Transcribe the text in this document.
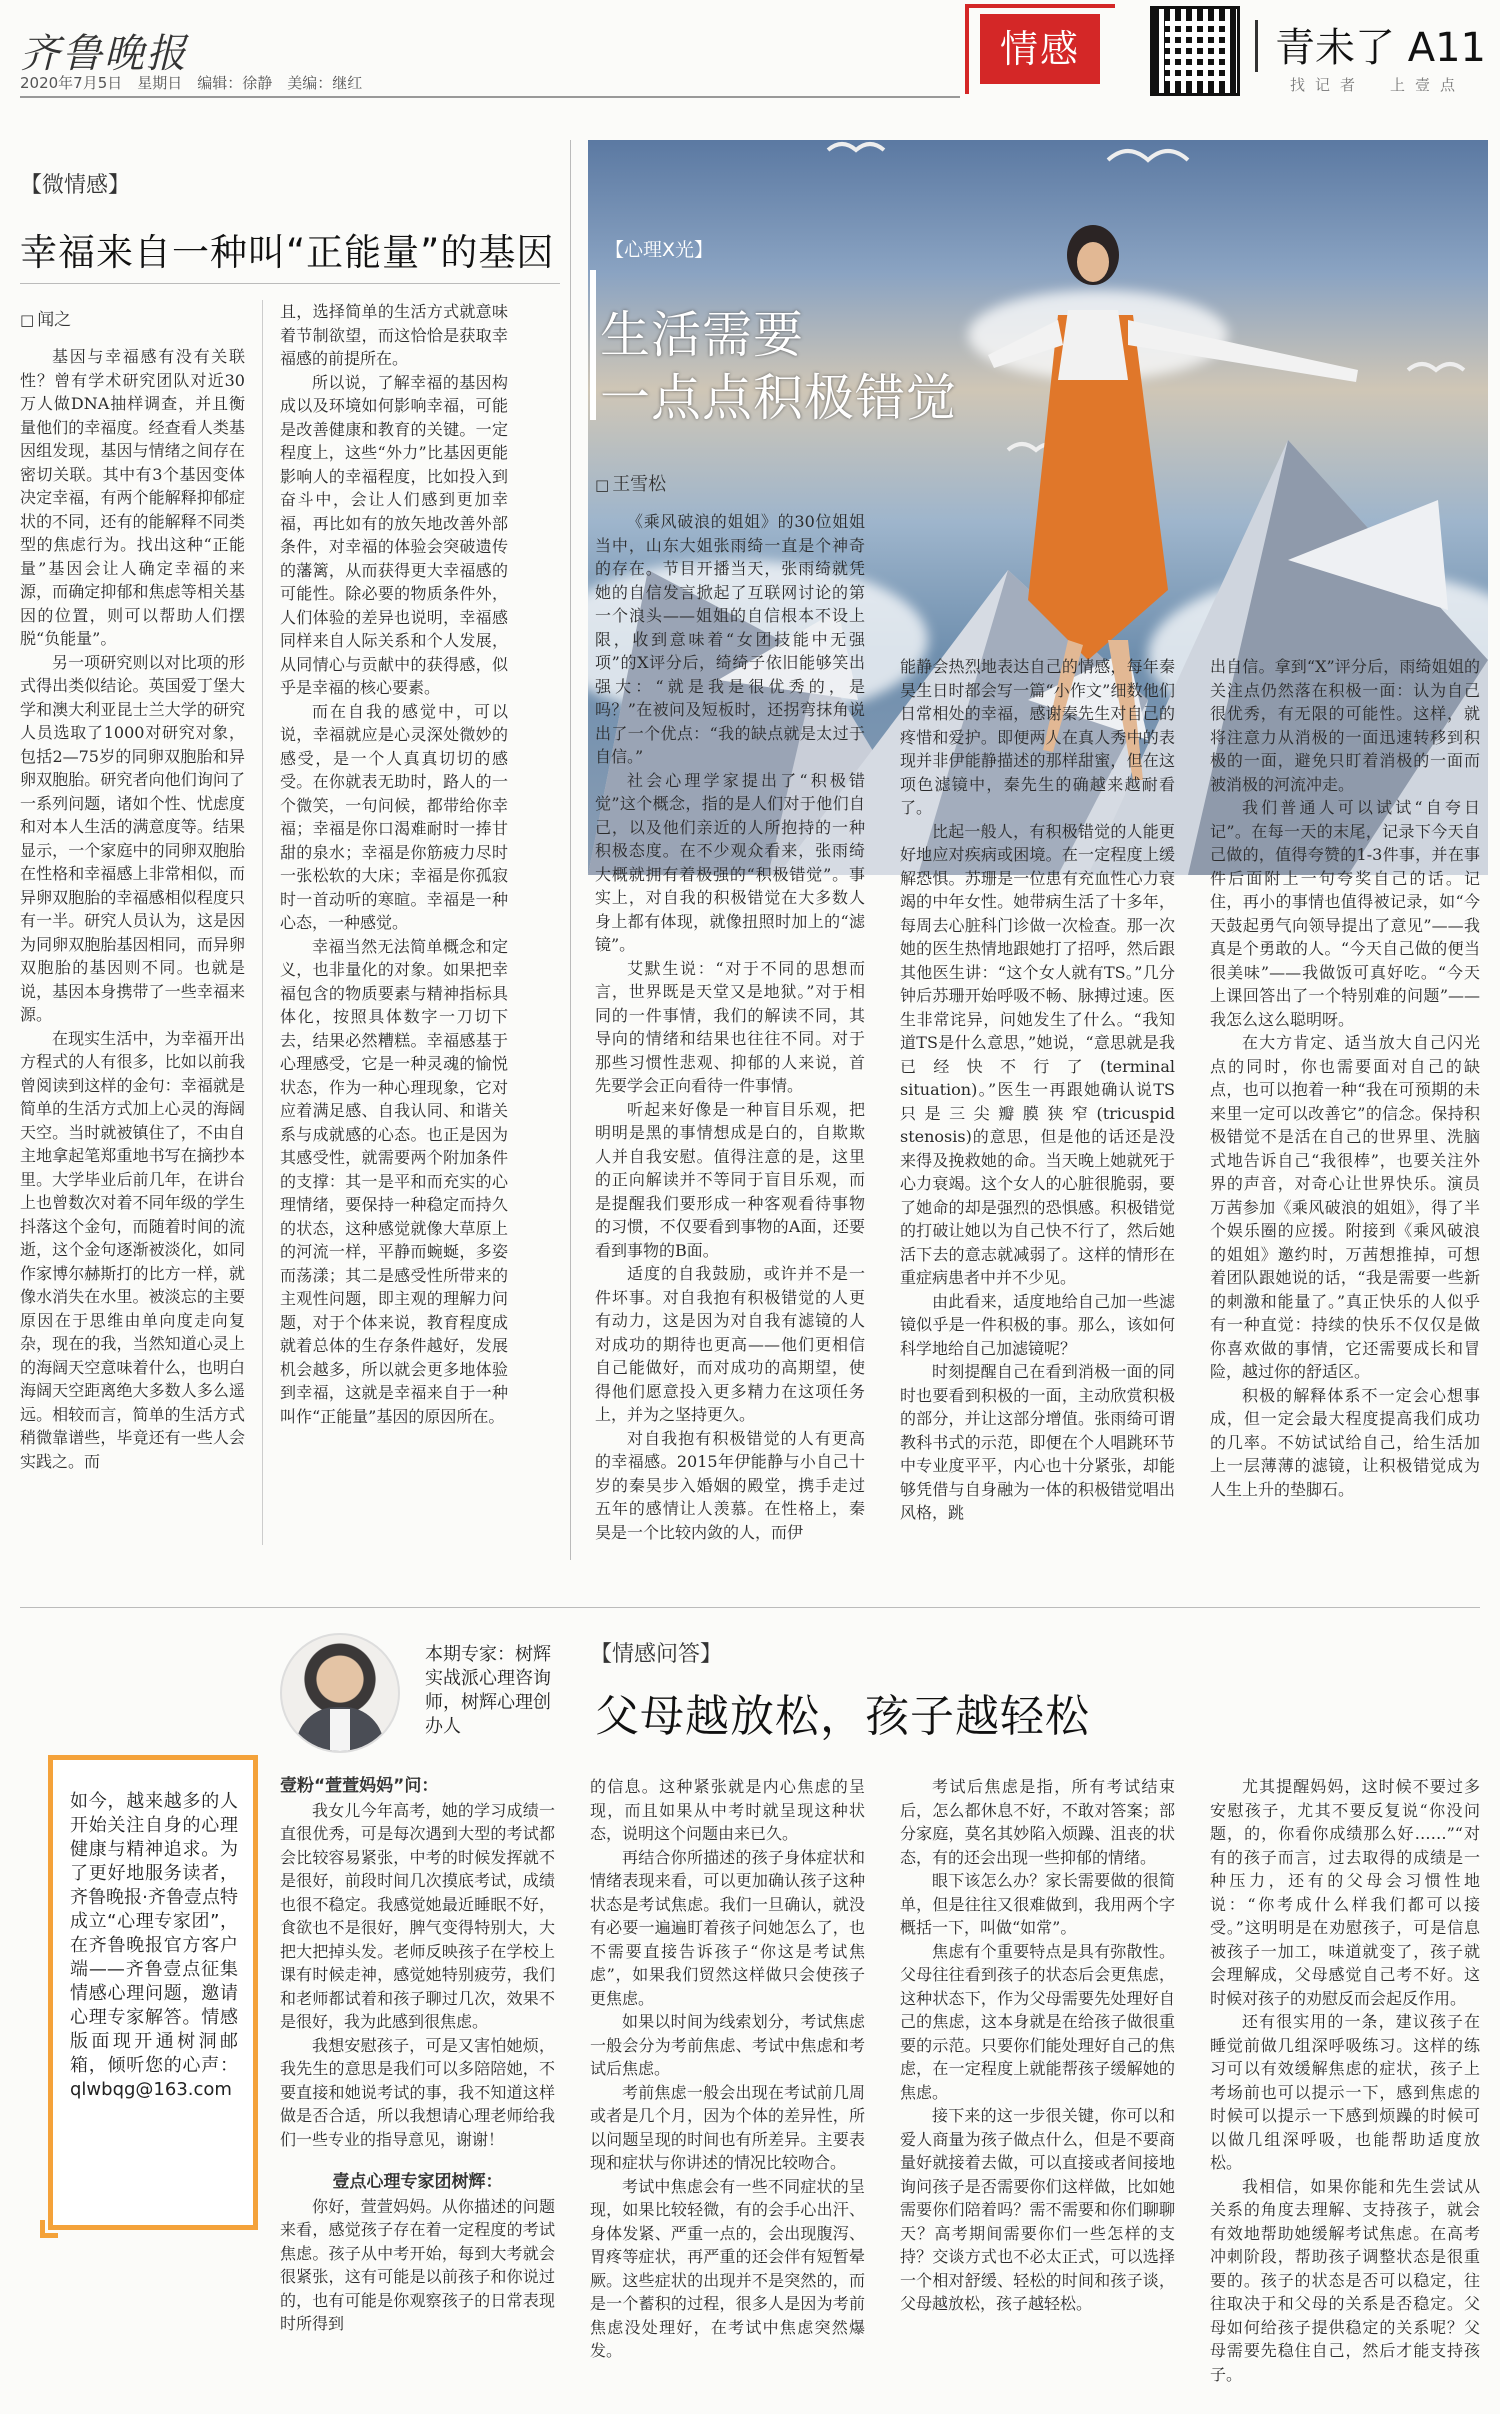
齐鲁晚报
2020年7月5日　星期日　编辑：徐静　美编：继红
情感	青未了 A11
找记者　上壹点
【微情感】
幸福来自一种叫“正能量”的基因
□ 闻之

基因与幸福感有没有关联性？曾有学术研究团队对近30万人做DNA抽样调查，并且衡量他们的幸福度。经查看人类基因组发现，基因与情绪之间存在密切关联。其中有3个基因变体决定幸福，有两个能解释抑郁症状的不同，还有的能解释不同类型的焦虑行为。找出这种“正能量”基因会让人确定幸福的来源，而确定抑郁和焦虑等相关基因的位置，则可以帮助人们摆脱“负能量”。

另一项研究则以对比项的形式得出类似结论。英国爱丁堡大学和澳大利亚昆士兰大学的研究人员选取了1000对研究对象，包括2—75岁的同卵双胞胎和异卵双胞胎。研究者向他们询问了一系列问题，诸如个性、忧虑度和对本人生活的满意度等。结果显示，一个家庭中的同卵双胞胎在性格和幸福感上非常相似，而异卵双胞胎的幸福感相似程度只有一半。研究人员认为，这是因为同卵双胞胎基因相同，而异卵双胞胎的基因则不同。也就是说，基因本身携带了一些幸福来源。

在现实生活中，为幸福开出方程式的人有很多，比如以前我曾阅读到这样的金句：幸福就是简单的生活方式加上心灵的海阔天空。当时就被镇住了，不由自主地拿起笔郑重地书写在摘抄本里。大学毕业后前几年，在讲台上也曾数次对着不同年级的学生抖落这个金句，而随着时间的流逝，这个金句逐渐被淡化，如同作家博尔赫斯打的比方一样，就像水消失在水里。被淡忘的主要原因在于思维由单向度走向复杂，现在的我，当然知道心灵上的海阔天空意味着什么，也明白海阔天空距离绝大多数人多么遥远。相较而言，简单的生活方式稍微靠谱些，毕竟还有一些人会实践之。而

且，选择简单的生活方式就意味着节制欲望，而这恰恰是获取幸福感的前提所在。

所以说，了解幸福的基因构成以及环境如何影响幸福，可能是改善健康和教育的关键。一定程度上，这些“外力”比基因更能影响人的幸福程度，比如投入到奋斗中，会让人们感到更加幸福，再比如有的放矢地改善外部条件，对幸福的体验会突破遗传的藩篱，从而获得更大幸福感的可能性。除必要的物质条件外，人们体验的差异也说明，幸福感同样来自人际关系和个人发展，从同情心与贡献中的获得感，似乎是幸福的核心要素。

而在自我的感觉中，可以说，幸福就应是心灵深处微妙的感受，是一个人真真切切的感受。在你就表无助时，路人的一个微笑，一句问候，都带给你幸福；幸福是你口渴难耐时一捧甘甜的泉水；幸福是你筋疲力尽时一张松软的大床；幸福是你孤寂时一首动听的寒暄。幸福是一种心态，一种感觉。

幸福当然无法简单概念和定义，也非量化的对象。如果把幸福包含的物质要素与精神指标具体化，按照具体数字一刀切下去，结果必然糟糕。幸福感基于心理感受，它是一种灵魂的愉悦状态，作为一种心理现象，它对应着满足感、自我认同、和谐关系与成就感的心态。也正是因为其感受性，就需要两个附加条件的支撑：其一是平和而充实的心理情绪，要保持一种稳定而持久的状态，这种感觉就像大草原上的河流一样，平静而蜿蜒，多姿而荡漾；其二是感受性所带来的主观性问题，即主观的理解力问题，对于个体来说，教育程度成就着总体的生存条件越好，发展机会越多，所以就会更多地体验到幸福，这就是幸福来自于一种叫作“正能量”基因的原因所在。

【心理X光】
生活需要
一点点积极错觉
□ 王雪松

《乘风破浪的姐姐》的30位姐姐当中，山东大姐张雨绮一直是个神奇的存在。节目开播当天，张雨绮就凭她的自信发言掀起了互联网讨论的第一个浪头——姐姐的自信根本不设上限，收到意味着“女团技能中无强项”的X评分后，绮绮子依旧能够笑出强大：“就是我是很优秀的，是吗？”在被问及短板时，还拐弯抹角说出了一个优点：“我的缺点就是太过于自信。”

社会心理学家提出了“积极错觉”这个概念，指的是人们对于他们自己，以及他们亲近的人所抱持的一种积极态度。在不少观众看来，张雨绮大概就拥有着极强的“积极错觉”。事实上，对自我的积极错觉在大多数人身上都有体现，就像扭照时加上的“滤镜”。

艾默生说：“对于不同的思想而言，世界既是天堂又是地狱。”对于相同的一件事情，我们的解读不同，其导向的情绪和结果也往往不同。对于那些习惯性悲观、抑郁的人来说，首先要学会正向看待一件事情。

听起来好像是一种盲目乐观，把明明是黑的事情想成是白的，自欺欺人并自我安慰。值得注意的是，这里的正向解读并不等同于盲目乐观，而是提醒我们要形成一种客观看待事物的习惯，不仅要看到事物的A面，还要看到事物的B面。

适度的自我鼓励，或许并不是一件坏事。对自我抱有积极错觉的人更有动力，这是因为对自我有滤镜的人对成功的期待也更高——他们更相信自己能做好，而对成功的高期望，使得他们愿意投入更多精力在这项任务上，并为之坚持更久。

对自我抱有积极错觉的人有更高的幸福感。2015年伊能静与小自己十岁的秦昊步入婚姻的殿堂，携手走过五年的感情让人羡慕。在性格上，秦昊是一个比较内敛的人，而伊

能静会热烈地表达自己的情感，每年秦昊生日时都会写一篇“小作文”细数他们日常相处的幸福，感谢秦先生对自己的疼惜和爱护。即便两人在真人秀中的表现并非伊能静描述的那样甜蜜，但在这项色滤镜中，秦先生的确越来越耐看了。

比起一般人，有积极错觉的人能更好地应对疾病或困境。在一定程度上缓解恐惧。苏珊是一位患有充血性心力衰竭的中年女性。她带病生活了十多年，每周去心脏科门诊做一次检查。那一次她的医生热情地跟她打了招呼，然后跟其他医生讲：“这个女人就有TS。”几分钟后苏珊开始呼吸不畅、脉搏过速。医生非常诧异，问她发生了什么。“我知道TS是什么意思，”她说，“意思就是我已经快不行了(terminal situation)。”医生一再跟她确认说TS只是三尖瓣膜狭窄(tricuspid stenosis)的意思，但是他的话还是没来得及挽救她的命。当天晚上她就死于心力衰竭。这个女人的心脏很脆弱，要了她命的却是强烈的恐惧感。积极错觉的打破让她以为自己快不行了，然后她活下去的意志就减弱了。这样的情形在重症病患者中并不少见。

由此看来，适度地给自己加一些滤镜似乎是一件积极的事。那么，该如何科学地给自己加滤镜呢？

时刻提醒自己在看到消极一面的同时也要看到积极的一面，主动欣赏积极的部分，并让这部分增值。张雨绮可谓教科书式的示范，即便在个人唱跳环节中专业度平平，内心也十分紧张，却能够凭借与自身融为一体的积极错觉唱出风格，跳

出自信。拿到“X”评分后，雨绮姐姐的关注点仍然落在积极一面：认为自己很优秀，有无限的可能性。这样，就将注意力从消极的一面迅速转移到积极的一面，避免只盯着消极的一面而被消极的河流冲走。

我们普通人可以试试“自夸日记”。在每一天的末尾，记录下今天自己做的，值得夸赞的1-3件事，并在事件后面附上一句夸奖自己的话。记住，再小的事情也值得被记录，如“今天鼓起勇气向领导提出了意见”——我真是个勇敢的人。“今天自己做的便当很美味”——我做饭可真好吃。“今天上课回答出了一个特别难的问题”——我怎么这么聪明呀。

在大方肯定、适当放大自己闪光点的同时，你也需要面对自己的缺点，也可以抱着一种“我在可预期的未来里一定可以改善它”的信念。保持积极错觉不是活在自己的世界里、洗脑式地告诉自己“我很棒”，也要关注外界的声音，对奇心让世界快乐。演员万茜参加《乘风破浪的姐姐》，得了半个娱乐圈的应援。附接到《乘风破浪的姐姐》邀约时，万茜想推掉，可想着团队跟她说的话，“我是需要一些新的刺激和能量了。”真正快乐的人似乎有一种直觉：持续的快乐不仅仅是做你喜欢做的事情，它还需要成长和冒险，越过你的舒适区。

积极的解释体系不一定会心想事成，但一定会最大程度提高我们成功的几率。不妨试试给自己，给生活加上一层薄薄的滤镜，让积极错觉成为人生上升的垫脚石。

本期专家：树辉实战派心理咨询师，树辉心理创办人
如今，越来越多的人开始关注自身的心理健康与精神追求。为了更好地服务读者，齐鲁晚报·齐鲁壹点特成立“心理专家团”，在齐鲁晚报官方客户端——齐鲁壹点征集情感心理问题，邀请心理专家解答。情感版面现开通树洞邮箱，倾听您的心声：qlwbqg@163.com
【情感问答】
父母越放松，孩子越轻松
壹粉“萱萱妈妈”问：

我女儿今年高考，她的学习成绩一直很优秀，可是每次遇到大型的考试都会比较容易紧张，中考的时候发挥就不是很好，前段时间几次摸底考试，成绩也很不稳定。我感觉她最近睡眠不好，食欲也不是很好，脾气变得特别大，大把大把掉头发。老师反映孩子在学校上课有时候走神，感觉她特别疲劳，我们和老师都试着和孩子聊过几次，效果不是很好，我为此感到很焦虑。

我想安慰孩子，可是又害怕她烦，我先生的意思是我们可以多陪陪她，不要直接和她说考试的事，我不知道这样做是否合适，所以我想请心理老师给我们一些专业的指导意见，谢谢！

壹点心理专家团树辉：

你好，萱萱妈妈。从你描述的问题来看，感觉孩子存在着一定程度的考试焦虑。孩子从中考开始，每到大考就会很紧张，这有可能是以前孩子和你说过的，也有可能是你观察孩子的日常表现时所得到

的信息。这种紧张就是内心焦虑的呈现，而且如果从中考时就呈现这种状态，说明这个问题由来已久。

再结合你所描述的孩子身体症状和情绪表现来看，可以更加确认孩子这种状态是考试焦虑。我们一旦确认，就没有必要一遍遍盯着孩子问她怎么了，也不需要直接告诉孩子“你这是考试焦虑”，如果我们贸然这样做只会使孩子更焦虑。

如果以时间为线索划分，考试焦虑一般会分为考前焦虑、考试中焦虑和考试后焦虑。

考前焦虑一般会出现在考试前几周或者是几个月，因为个体的差异性，所以问题呈现的时间也有所差异。主要表现和症状与你讲述的情况比较吻合。

考试中焦虑会有一些不同症状的呈现，如果比较轻微，有的会手心出汗、身体发紧、严重一点的，会出现腹泻、胃疼等症状，再严重的还会伴有短暂晕厥。这些症状的出现并不是突然的，而是一个蓄积的过程，很多人是因为考前焦虑没处理好，在考试中焦虑突然爆发。

考试后焦虑是指，所有考试结束后，怎么都休息不好，不敢对答案；部分家庭，莫名其妙陷入烦躁、沮丧的状态，有的还会出现一些抑郁的情绪。

眼下该怎么办？家长需要做的很简单，但是往往又很难做到，我用两个字概括一下，叫做“如常”。

焦虑有个重要特点是具有弥散性。父母往往看到孩子的状态后会更焦虑，这种状态下，作为父母需要先处理好自己的焦虑，这本身就是在给孩子做很重要的示范。只要你们能处理好自己的焦虑，在一定程度上就能帮孩子缓解她的焦虑。

接下来的这一步很关键，你可以和爱人商量为孩子做点什么，但是不要商量好就接着去做，可以直接或者间接地询问孩子是否需要你们这样做，比如她需要你们陪着吗？需不需要和你们聊聊天？高考期间需要你们一些怎样的支持？交谈方式也不必太正式，可以选择一个相对舒缓、轻松的时间和孩子谈，父母越放松，孩子越轻松。

尤其提醒妈妈，这时候不要过多安慰孩子，尤其不要反复说“你没问题，的，你看你成绩那么好……”“对有的孩子而言，过去取得的成绩是一种压力，还有的父母会习惯性地说：“你考成什么样我们都可以接受。”这明明是在劝慰孩子，可是信息被孩子一加工，味道就变了，孩子就会理解成，父母感觉自己考不好。这时候对孩子的劝慰反而会起反作用。

还有很实用的一条，建议孩子在睡觉前做几组深呼吸练习。这样的练习可以有效缓解焦虑的症状，孩子上考场前也可以提示一下，感到焦虑的时候可以提示一下感到烦躁的时候可以做几组深呼吸，也能帮助适度放松。

我相信，如果你能和先生尝试从关系的角度去理解、支持孩子，就会有效地帮助她缓解考试焦虑。在高考冲刺阶段，帮助孩子调整状态是很重要的。孩子的状态是否可以稳定，往往取决于和父母的关系是否稳定。父母如何给孩子提供稳定的关系呢？父母需要先稳住自己，然后才能支持孩子。
